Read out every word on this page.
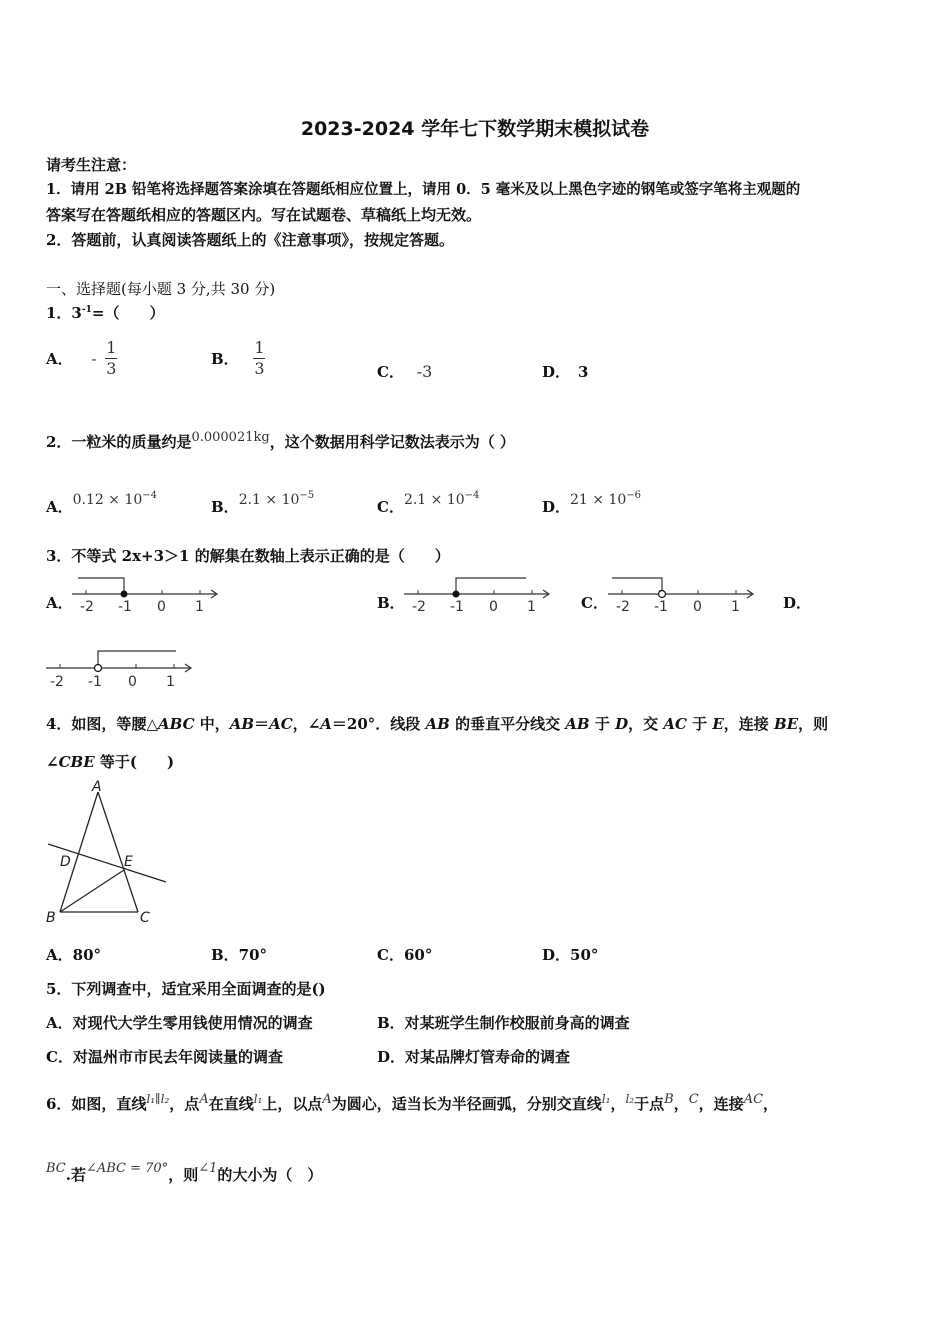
2023-2024 学年七下数学期末模拟试卷
请考生注意：
1．请用 2B 铅笔将选择题答案涂填在答题纸相应位置上，请用 0．5 毫米及以上黑色字迹的钢笔或签字笔将主观题的
答案写在答题纸相应的答题区内。写在试题卷、草稿纸上均无效。
2．答题前，认真阅读答题纸上的《注意事项》，按规定答题。
一、选择题(每小题 3 分,共 30 分)
1．$3^{-1}=$（　　）
A． - $\frac{1}{3}$	B． $\frac{1}{3}$	C． -3	D． 3
2．一粒米的质量约是0.000021kg，这个数据用科学记数法表示为（ ）
A．$0.12 \times 10^{-4}$
B．$2.1 \times 10^{-5}$
C．$2.1 \times 10^{-4}$
D．$21 \times 10^{-6}$
3．不等式 2x+3＞1 的解集在数轴上表示正确的是（　　）
A． -2 -1 0 1	B． -2 -1 0 1	C． -2 -1 0 1	D．
-2 -1 0 1
4．如图，等腰△ABC 中，AB＝AC，∠A＝20°．线段 AB 的垂直平分线交 AB 于 D，交 AC 于 E，连接 BE，则
∠CBE 等于(　　)
A
B	C
D	E
A．80°	B．70°	C．60°	D．50°
5．下列调查中，适宜采用全面调查的是()
A．对现代大学生零用钱使用情况的调查	B．对某班学生制作校服前身高的调查
C．对温州市市民去年阅读量的调查	D．对某品牌灯管寿命的调查
6．如图，直线$^{l_1\parallel l_2}$，点A在直线$^{l_1}$上，以点A为圆心，适当长为半径画弧，分别交直线$^{l_1}$，$^{l_2}$于点B，C，连接AC，
BC.若∠ABC = 70°，则∠1的大小为（　）
